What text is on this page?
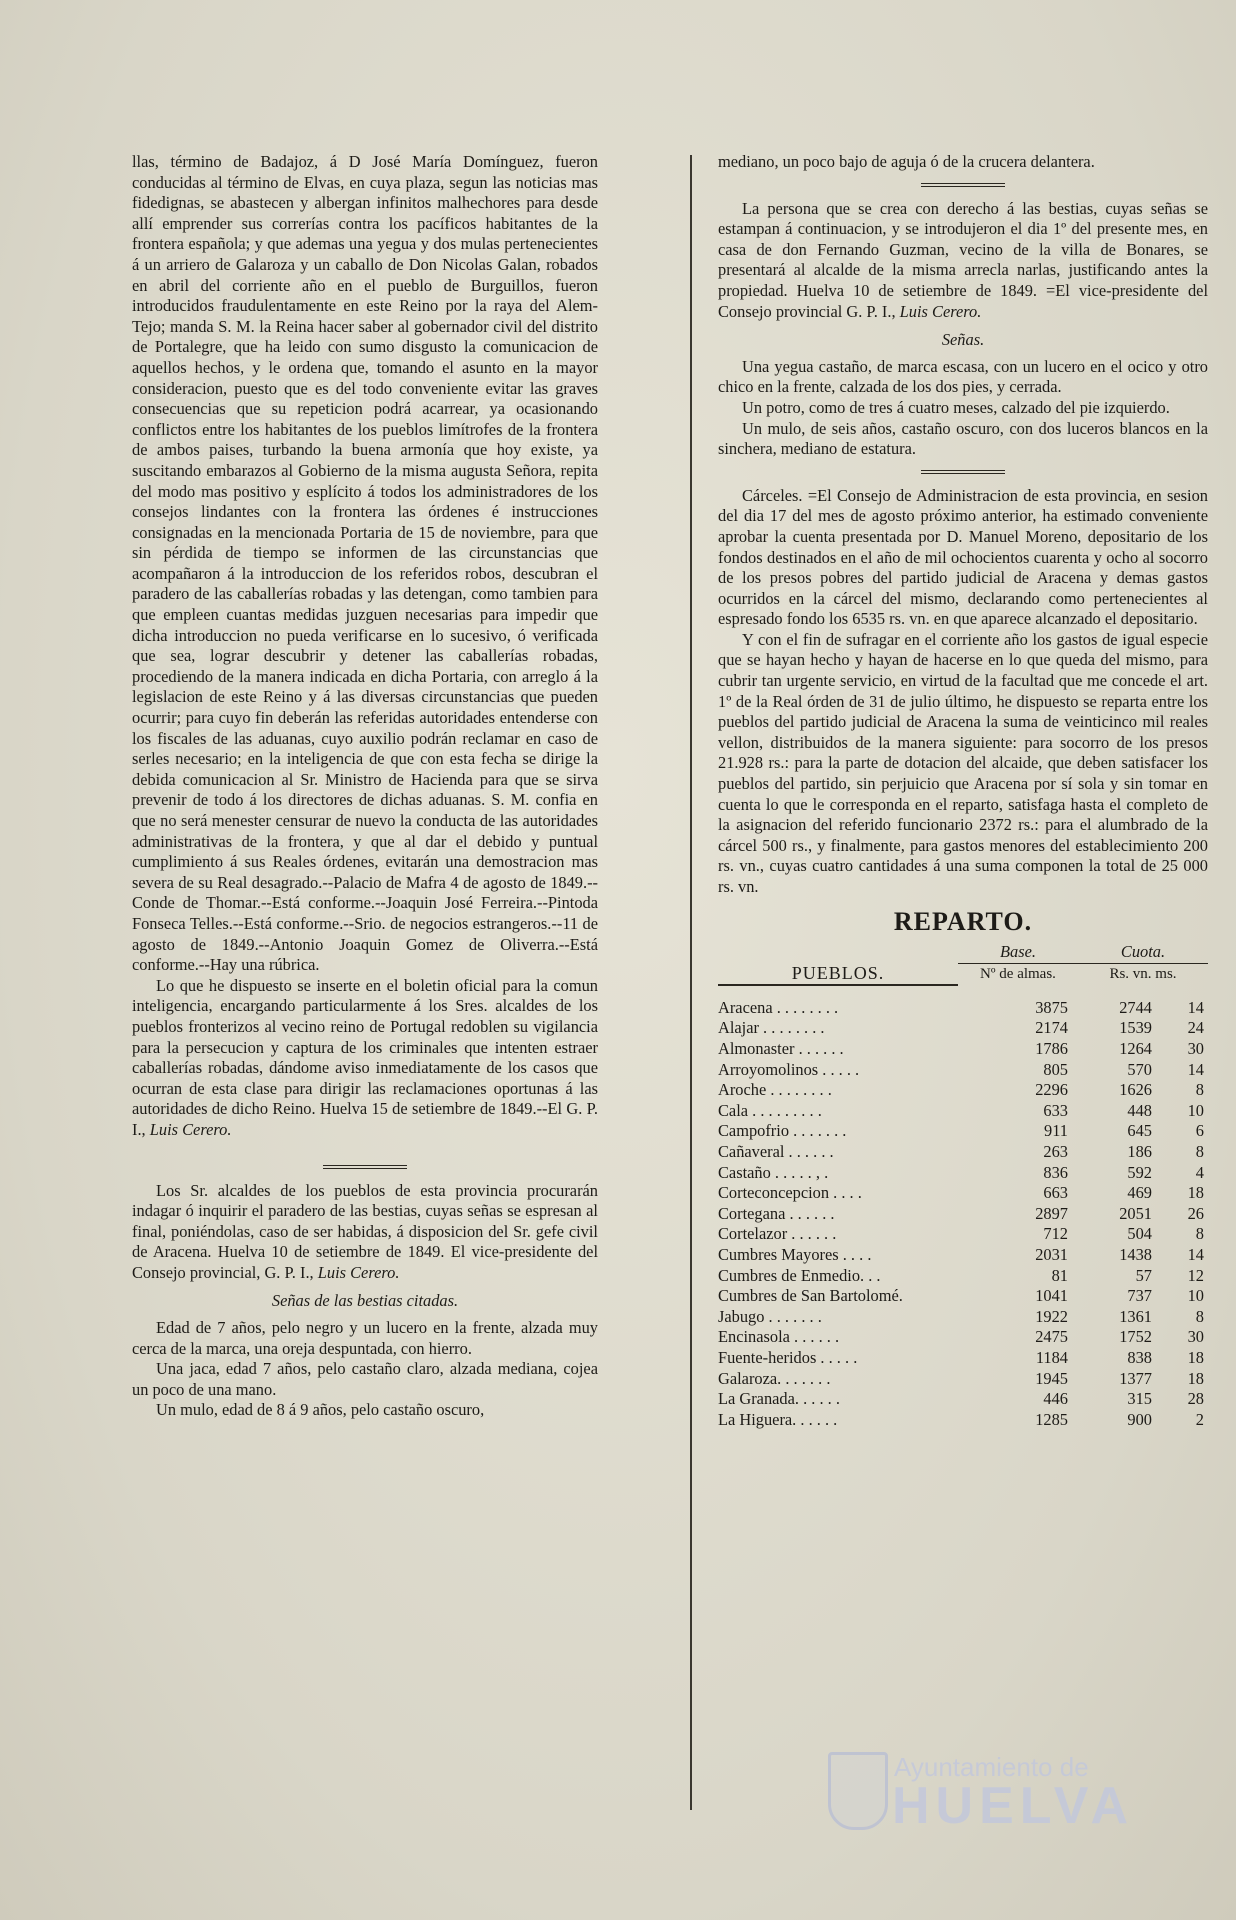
llas, término de Badajoz, á D José María Domínguez, fueron conducidas al término de Elvas, en cuya plaza, segun las noticias mas fidedignas, se abastecen y albergan infinitos malhechores para desde allí emprender sus correrías contra los pacíficos habitantes de la frontera española; y que ademas una yegua y dos mulas pertenecientes á un arriero de Galaroza y un caballo de Don Nicolas Galan, robados en abril del corriente año en el pueblo de Burguillos, fueron introducidos fraudulentamente en este Reino por la raya del Alem-Tejo; manda S. M. la Reina hacer saber al gobernador civil del distrito de Portalegre, que ha leido con sumo disgusto la comunicacion de aquellos hechos, y le ordena que, tomando el asunto en la mayor consideracion, puesto que es del todo conveniente evitar las graves consecuencias que su repeticion podrá acarrear, ya ocasionando conflictos entre los habitantes de los pueblos limítrofes de la frontera de ambos paises, turbando la buena armonía que hoy existe, ya suscitando embarazos al Gobierno de la misma augusta Señora, repita del modo mas positivo y esplícito á todos los administradores de los consejos lindantes con la frontera las órdenes é instrucciones consignadas en la mencionada Portaria de 15 de noviembre, para que sin pérdida de tiempo se informen de las circunstancias que acompañaron á la introduccion de los referidos robos, descubran el paradero de las caballerías robadas y las detengan, como tambien para que empleen cuantas medidas juzguen necesarias para impedir que dicha introduccion no pueda verificarse en lo sucesivo, ó verificada que sea, lograr descubrir y detener las caballerías robadas, procediendo de la manera indicada en dicha Portaria, con arreglo á la legislacion de este Reino y á las diversas circunstancias que pueden ocurrir; para cuyo fin deberán las referidas autoridades entenderse con los fiscales de las aduanas, cuyo auxilio podrán reclamar en caso de serles necesario; en la inteligencia de que con esta fecha se dirige la debida comunicacion al Sr. Ministro de Hacienda para que se sirva prevenir de todo á los directores de dichas aduanas. S. M. confia en que no será menester censurar de nuevo la conducta de las autoridades administrativas de la frontera, y que al dar el debido y puntual cumplimiento á sus Reales órdenes, evitarán una demostracion mas severa de su Real desagrado.--Palacio de Mafra 4 de agosto de 1849.--Conde de Thomar.--Está conforme.--Joaquin José Ferreira.--Pintoda Fonseca Telles.--Está conforme.--Srio. de negocios estrangeros.--11 de agosto de 1849.--Antonio Joaquin Gomez de Oliverra.--Está conforme.--Hay una rúbrica.

Lo que he dispuesto se inserte en el boletin oficial para la comun inteligencia, encargando particularmente á los Sres. alcaldes de los pueblos fronterizos al vecino reino de Portugal redoblen su vigilancia para la persecucion y captura de los criminales que intenten estraer caballerías robadas, dándome aviso inmediatamente de los casos que ocurran de esta clase para dirigir las reclamaciones oportunas á las autoridades de dicho Reino. Huelva 15 de setiembre de 1849.--El G. P. I., Luis Cerero.

Los Sr. alcaldes de los pueblos de esta provincia procurarán indagar ó inquirir el paradero de las bestias, cuyas señas se espresan al final, poniéndolas, caso de ser habidas, á disposicion del Sr. gefe civil de Aracena. Huelva 10 de setiembre de 1849. El vice-presidente del Consejo provincial, G. P. I., Luis Cerero.

Señas de las bestias citadas.

Edad de 7 años, pelo negro y un lucero en la frente, alzada muy cerca de la marca, una oreja despuntada, con hierro.

Una jaca, edad 7 años, pelo castaño claro, alzada mediana, cojea un poco de una mano.

Un mulo, edad de 8 á 9 años, pelo castaño oscuro,

mediano, un poco bajo de aguja ó de la crucera delantera.

La persona que se crea con derecho á las bestias, cuyas señas se estampan á continuacion, y se introdujeron el dia 1º del presente mes, en casa de don Fernando Guzman, vecino de la villa de Bonares, se presentará al alcalde de la misma arrecla narlas, justificando antes la propiedad. Huelva 10 de setiembre de 1849. =El vice-presidente del Consejo provincial G. P. I., Luis Cerero.

Señas.

Una yegua castaño, de marca escasa, con un lucero en el ocico y otro chico en la frente, calzada de los dos pies, y cerrada.

Un potro, como de tres á cuatro meses, calzado del pie izquierdo.

Un mulo, de seis años, castaño oscuro, con dos luceros blancos en la sinchera, mediano de estatura.

Cárceles. =El Consejo de Administracion de esta provincia, en sesion del dia 17 del mes de agosto próximo anterior, ha estimado conveniente aprobar la cuenta presentada por D. Manuel Moreno, depositario de los fondos destinados en el año de mil ochocientos cuarenta y ocho al socorro de los presos pobres del partido judicial de Aracena y demas gastos ocurridos en la cárcel del mismo, declarando como pertenecientes al espresado fondo los 6535 rs. vn. en que aparece alcanzado el depositario.

Y con el fin de sufragar en el corriente año los gastos de igual especie que se hayan hecho y hayan de hacerse en lo que queda del mismo, para cubrir tan urgente servicio, en virtud de la facultad que me concede el art. 1º de la Real órden de 31 de julio último, he dispuesto se reparta entre los pueblos del partido judicial de Aracena la suma de veinticinco mil reales vellon, distribuidos de la manera siguiente: para socorro de los presos 21.928 rs.: para la parte de dotacion del alcaide, que deben satisfacer los pueblos del partido, sin perjuicio que Aracena por sí sola y sin tomar en cuenta lo que le corresponda en el reparto, satisfaga hasta el completo de la asignacion del referido funcionario 2372 rs.: para el alumbrado de la cárcel 500 rs., y finalmente, para gastos menores del establecimiento 200 rs. vn., cuyas cuatro cantidades á una suma componen la total de 25 000 rs. vn.

REPARTO.
	Base.	Cuota.	
PUEBLOS.	Nº de almas.	Rs. vn. ms.	

Aracena . . . . . . . .	3875	2744	14
Alajar . . . . . . . .	2174	1539	24
Almonaster . . . . . .	1786	1264	30
Arroyomolinos . . . . .	805	570	14
Aroche . . . . . . . .	2296	1626	8
Cala . . . . . . . . .	633	448	10
Campofrio . . . . . . .	911	645	6
Cañaveral . . . . . .	263	186	8
Castaño . . . . . , .	836	592	4
Corteconcepcion . . . .	663	469	18
Cortegana . . . . . .	2897	2051	26
Cortelazor . . . . . .	712	504	8
Cumbres Mayores . . . .	2031	1438	14
Cumbres de Enmedio. . .	81	57	12
Cumbres de San Bartolomé.	1041	737	10
Jabugo . . . . . . .	1922	1361	8
Encinasola . . . . . .	2475	1752	30
Fuente-heridos . . . . .	1184	838	18
Galaroza. . . . . . .	1945	1377	18
La Granada. . . . . .	446	315	28
La Higuera. . . . . .	1285	900	2
Ayuntamiento de
HUELVA
